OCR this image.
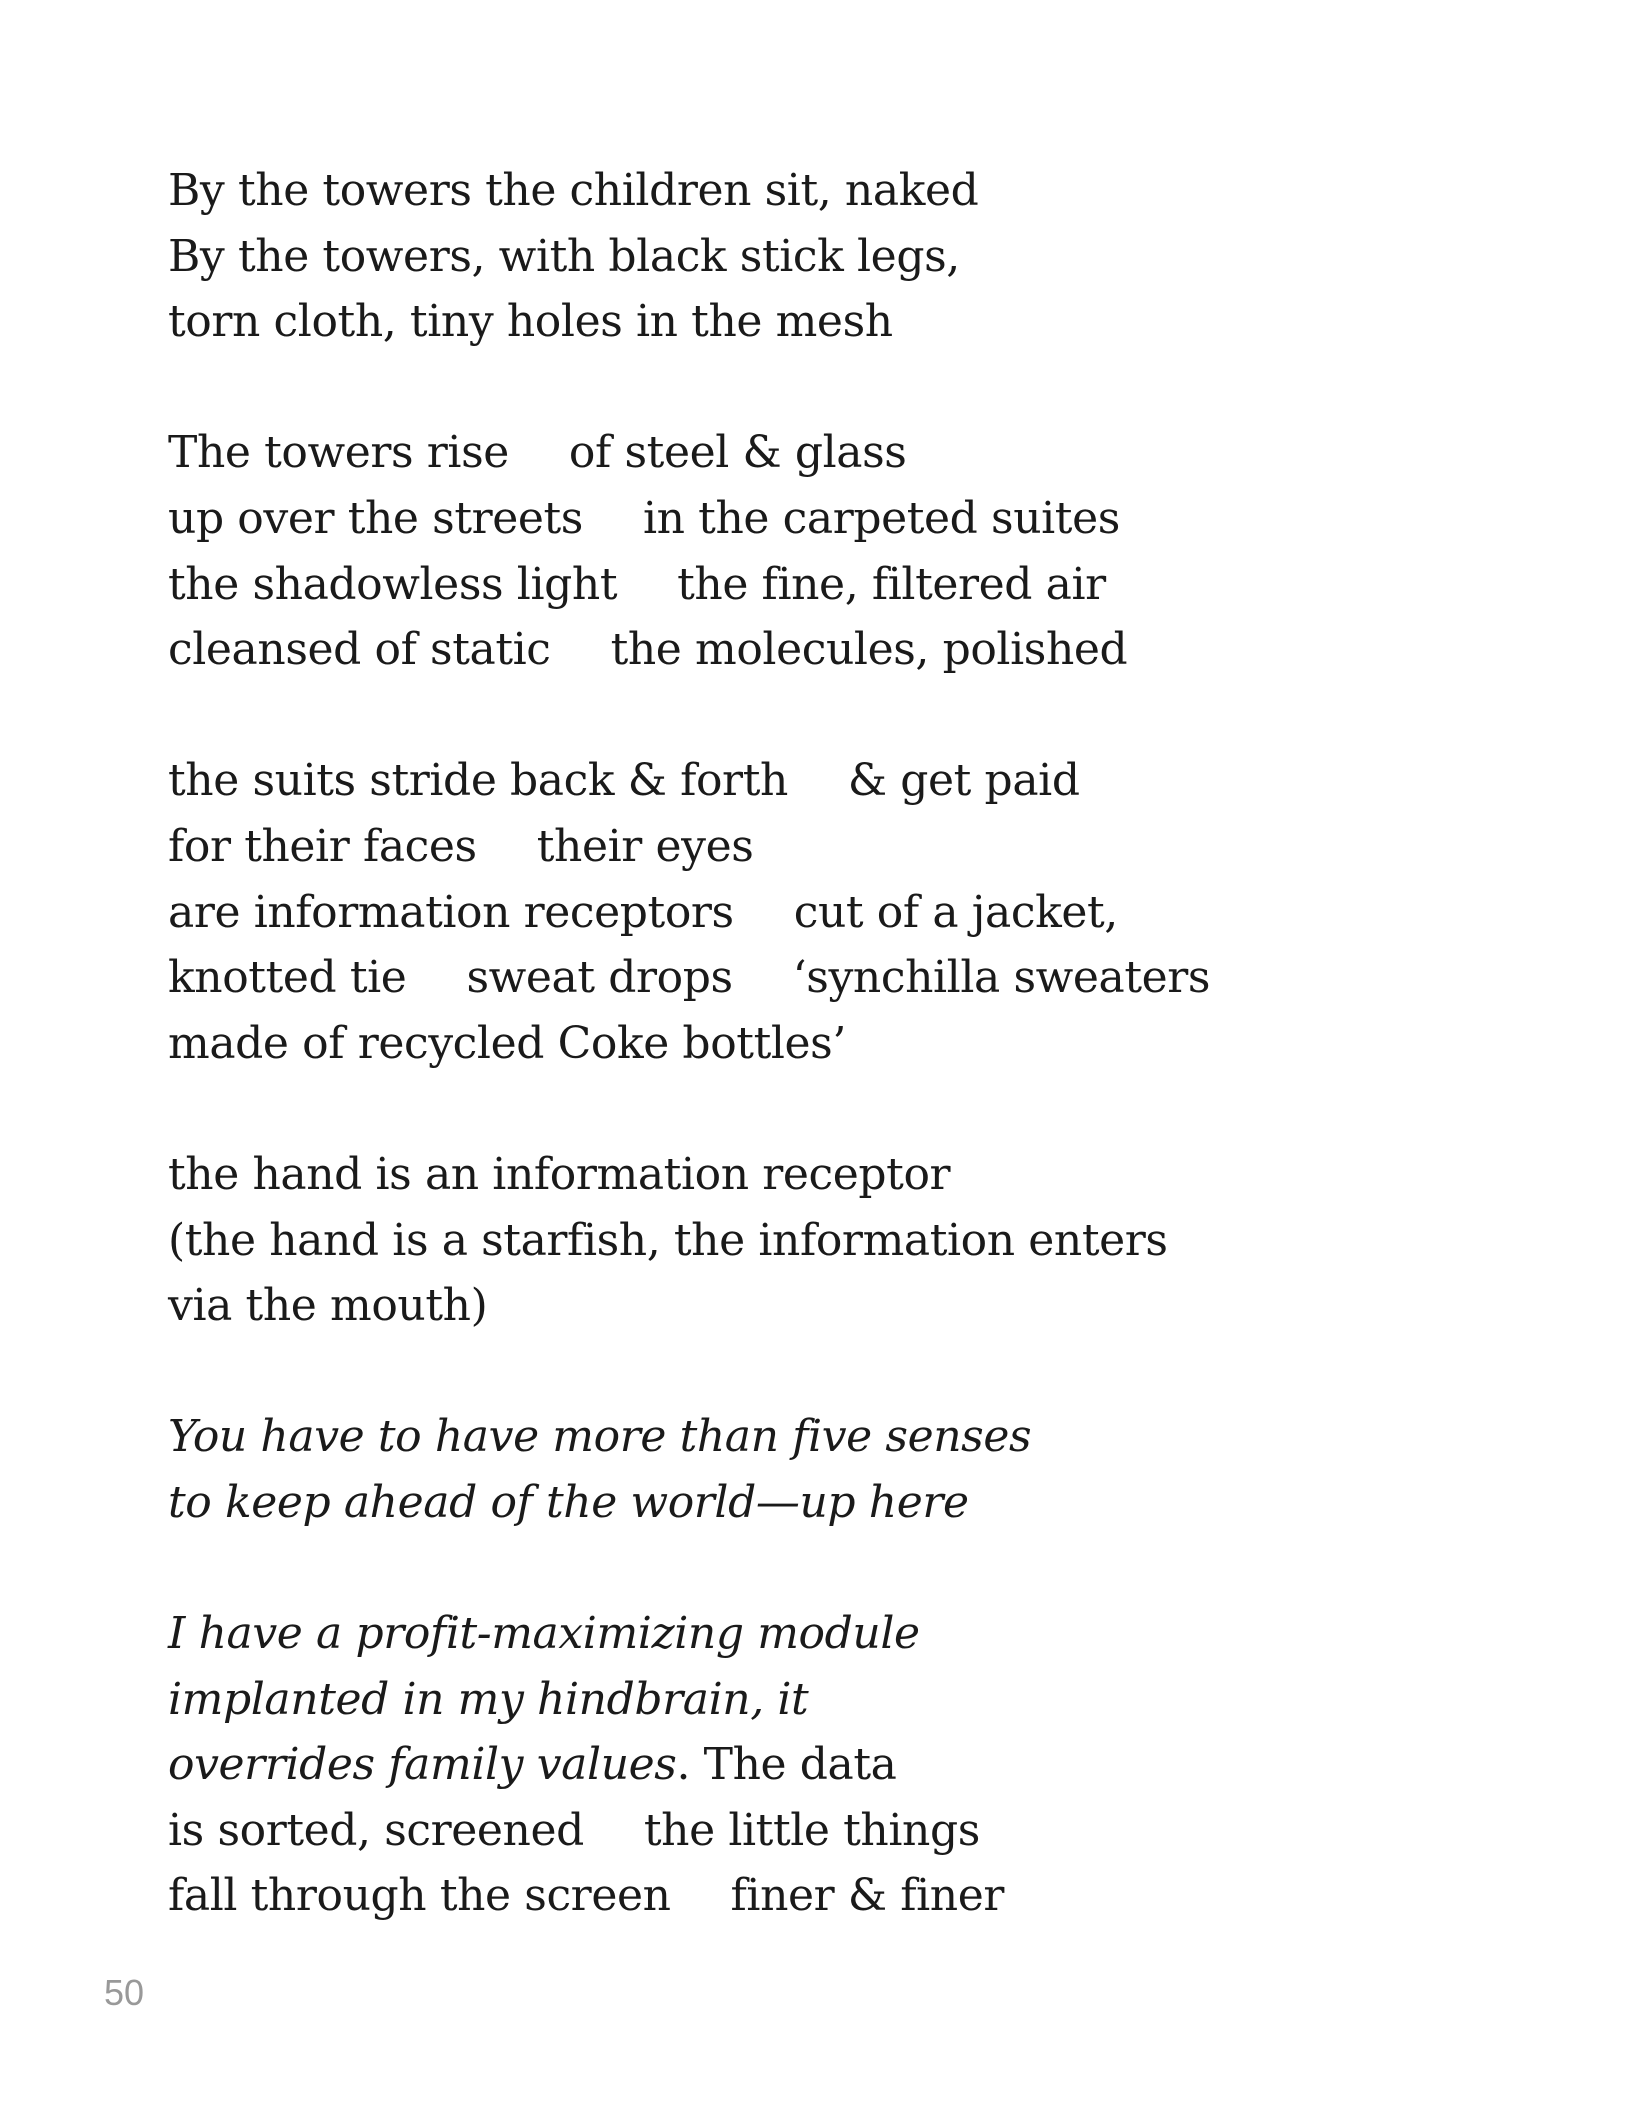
By the towers the children sit, naked
By the towers, with black stick legs,
torn cloth, tiny holes in the mesh
The towers rise of steel & glass
up over the streets in the carpeted suites
the shadowless light the fine, filtered air
cleansed of static the molecules, polished
the suits stride back & forth & get paid
for their faces their eyes
are information receptors cut of a jacket,
knotted tie sweat drops ‘synchilla sweaters
made of recycled Coke bottles’
the hand is an information receptor
(the hand is a starfish, the information enters
via the mouth)
You have to have more than five senses
to keep ahead of the world—up here
I have a profit-maximizing module
implanted in my hindbrain, it
overrides family values. The data
is sorted, screened the little things
fall through the screen finer & finer
50
